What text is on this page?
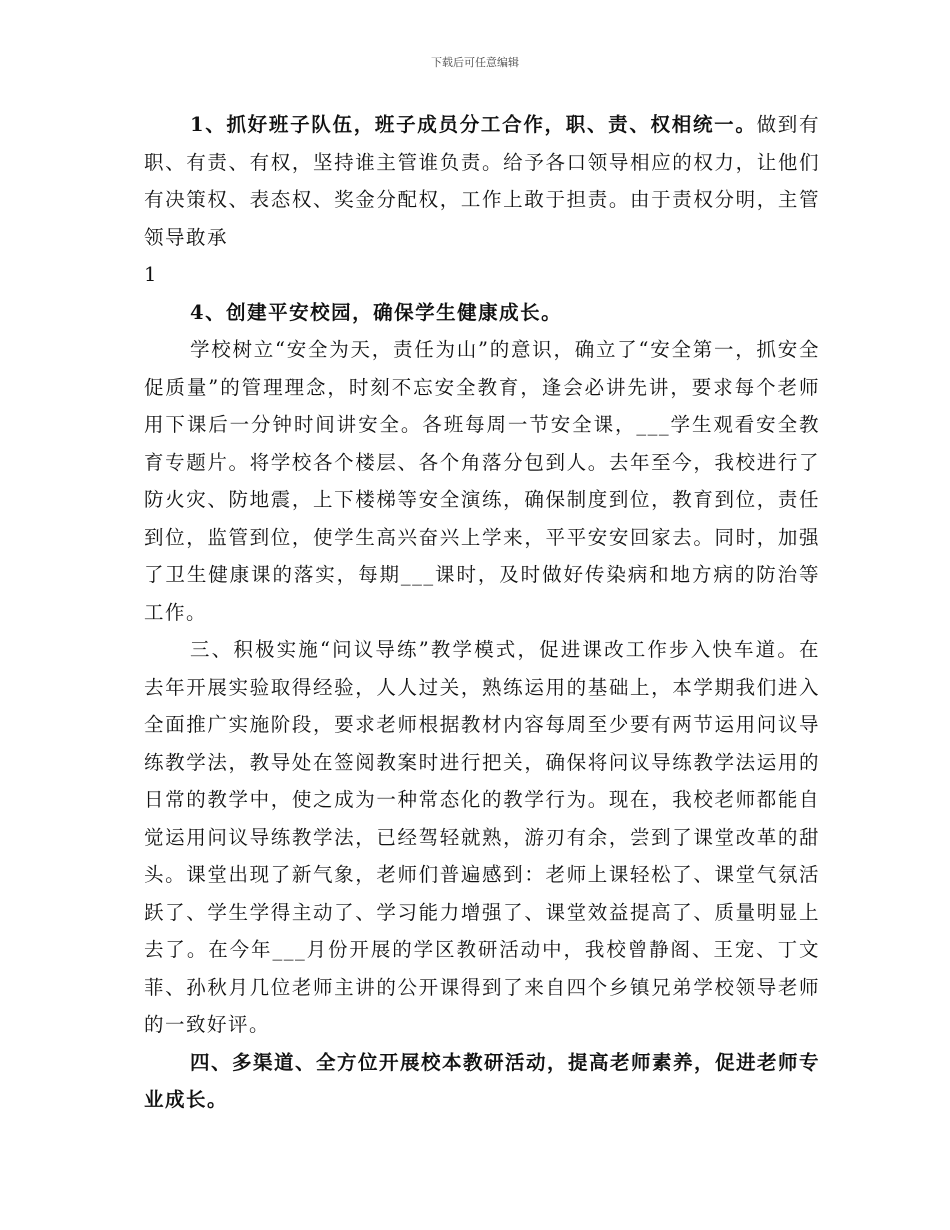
下载后可任意编辑

1、抓好班子队伍，班子成员分工合作，职、责、权相统一。做到有职、有责、有权，坚持谁主管谁负责。给予各口领导相应的权力，让他们有决策权、表态权、奖金分配权，工作上敢于担责。由于责权分明，主管领导敢承

1

4、创建平安校园，确保学生健康成长。

学校树立“安全为天，责任为山”的意识，确立了“安全第一，抓安全促质量”的管理理念，时刻不忘安全教育，逢会必讲先讲，要求每个老师用下课后一分钟时间讲安全。各班每周一节安全课，___学生观看安全教育专题片。将学校各个楼层、各个角落分包到人。去年至今，我校进行了防火灾、防地震，上下楼梯等安全演练，确保制度到位，教育到位，责任到位，监管到位，使学生高兴奋兴上学来，平平安安回家去。同时，加强了卫生健康课的落实，每期___课时，及时做好传染病和地方病的防治等工作。

三、积极实施“问议导练”教学模式，促进课改工作步入快车道。在去年开展实验取得经验，人人过关，熟练运用的基础上，本学期我们进入全面推广实施阶段，要求老师根据教材内容每周至少要有两节运用问议导练教学法，教导处在签阅教案时进行把关，确保将问议导练教学法运用的日常的教学中，使之成为一种常态化的教学行为。现在，我校老师都能自觉运用问议导练教学法，已经驾轻就熟，游刃有余，尝到了课堂改革的甜头。课堂出现了新气象，老师们普遍感到：老师上课轻松了、课堂气氛活跃了、学生学得主动了、学习能力增强了、课堂效益提高了、质量明显上去了。在今年___月份开展的学区教研活动中，我校曾静阁、王宠、丁文菲、孙秋月几位老师主讲的公开课得到了来自四个乡镇兄弟学校领导老师的一致好评。

四、多渠道、全方位开展校本教研活动，提高老师素养，促进老师专业成长。
